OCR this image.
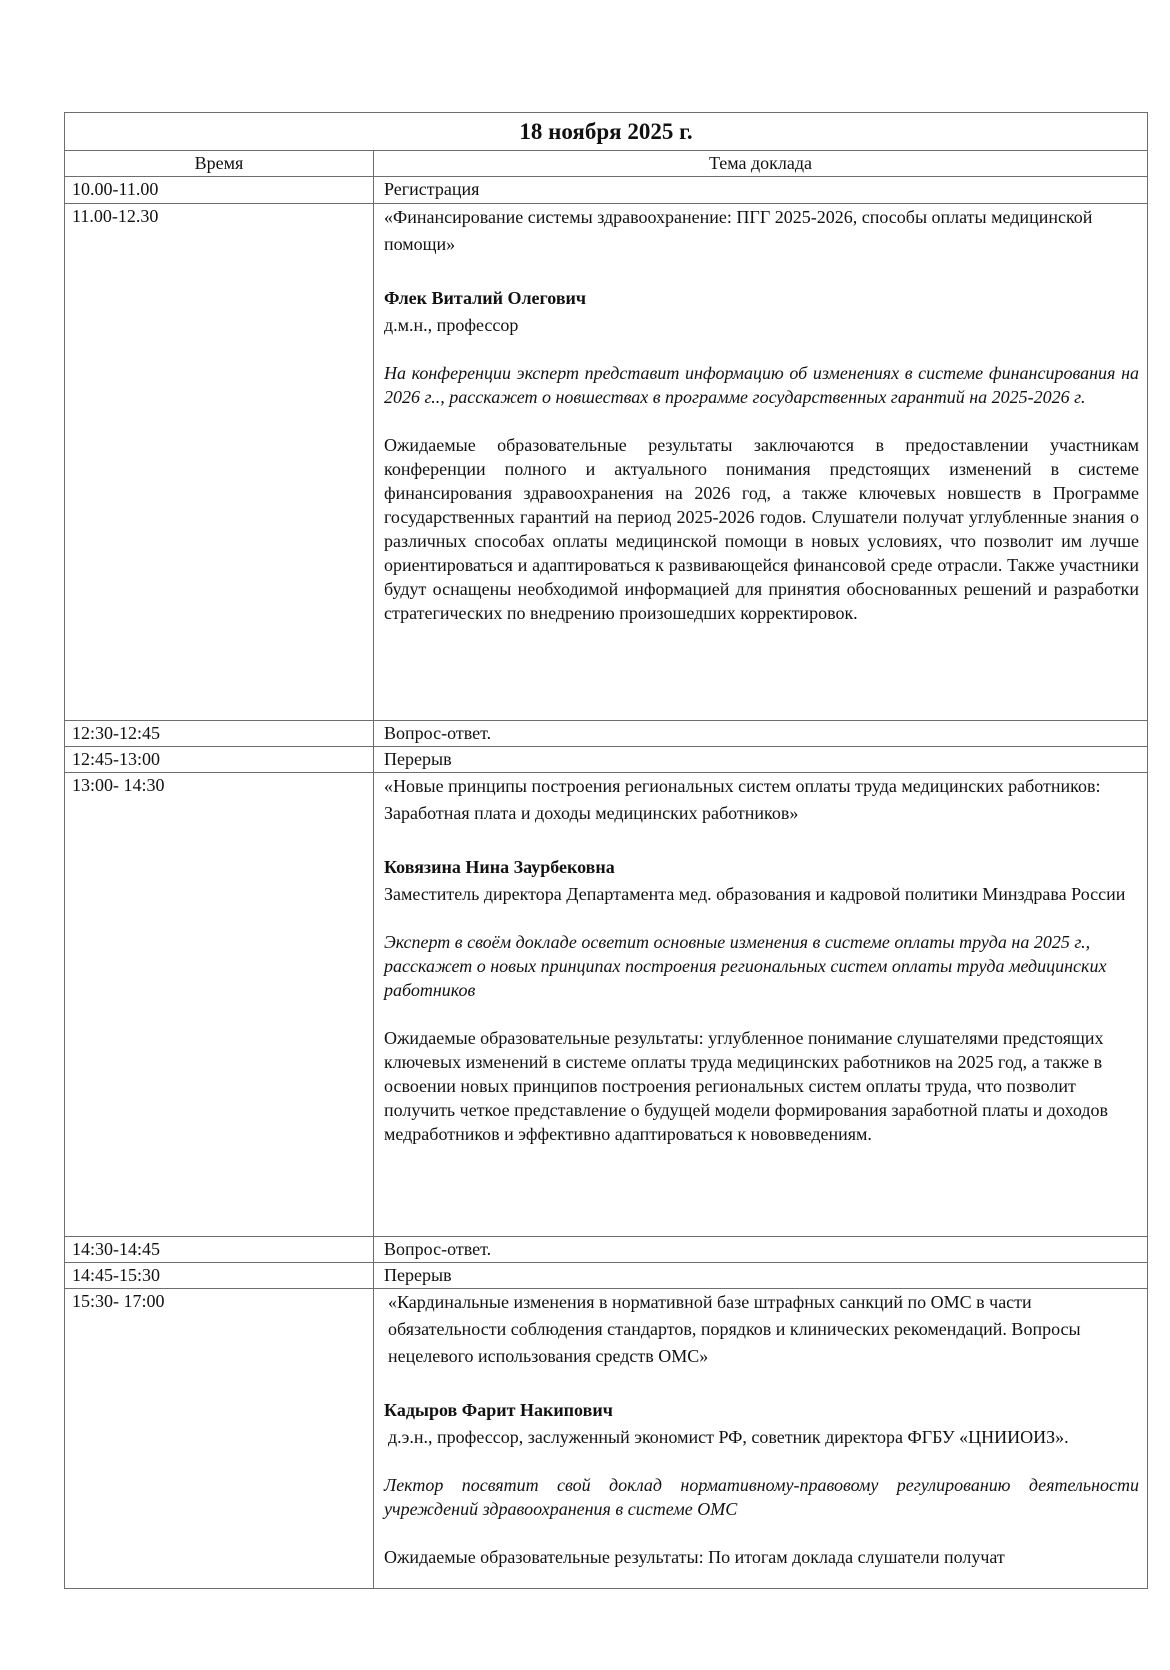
18 ноября 2025 г.	
Время	Тема доклада
10.00-11.00	Регистрация
11.00-12.30	«Финансирование системы здравоохранение: ПГГ 2025-2026, способы оплаты медицинской помощи»
Флек Виталий Олегович
д.м.н., профессор
На конференции эксперт представит информацию об изменениях в системе финансирования на 2026 г.., расскажет о новшествах в программе государственных гарантий на 2025-2026 г.
Ожидаемые образовательные результаты заключаются в предоставлении участникам конференции полного и актуального понимания предстоящих изменений в системе финансирования здравоохранения на 2026 год, а также ключевых новшеств в Программе государственных гарантий на период 2025-2026 годов. Слушатели получат углубленные знания о различных способах оплаты медицинской помощи в новых условиях, что позволит им лучше ориентироваться и адаптироваться к развивающейся финансовой среде отрасли. Также участники будут оснащены необходимой информацией для принятия обоснованных решений и разработки стратегических по внедрению произошедших корректировок.

12:30-12:45	Вопрос-ответ.
12:45-13:00	Перерыв
13:00- 14:30	«Новые принципы построения региональных систем оплаты труда медицинских работников: Заработная плата и доходы медицинских работников»
Ковязина Нина Заурбековна
Заместитель директора Департамента мед. образования и кадровой политики Минздрава России
Эксперт в своём докладе осветит основные изменения в системе оплаты труда на 2025 г., расскажет о новых принципах построения региональных систем оплаты труда медицинских работников
Ожидаемые образовательные результаты: углубленное понимание слушателями предстоящих ключевых изменений в системе оплаты труда медицинских работников на 2025 год, а также в освоении новых принципов построения региональных систем оплаты труда, что позволит получить четкое представление о будущей модели формирования заработной платы и доходов медработников и эффективно адаптироваться к нововведениям.

14:30-14:45	Вопрос-ответ.
14:45-15:30	Перерыв
15:30- 17:00	«Кардинальные изменения в нормативной базе штрафных санкций по ОМС в части обязательности соблюдения стандартов, порядков и клинических рекомендаций. Вопросы нецелевого использования средств ОМС»
Кадыров Фарит Накипович
д.э.н., профессор, заслуженный экономист РФ, советник директора ФГБУ «ЦНИИОИЗ».
Лектор посвятит свой доклад нормативному-правовому регулированию деятельности учреждений здравоохранения в системе ОМС
Ожидаемые образовательные результаты: По итогам доклада слушатели получат
